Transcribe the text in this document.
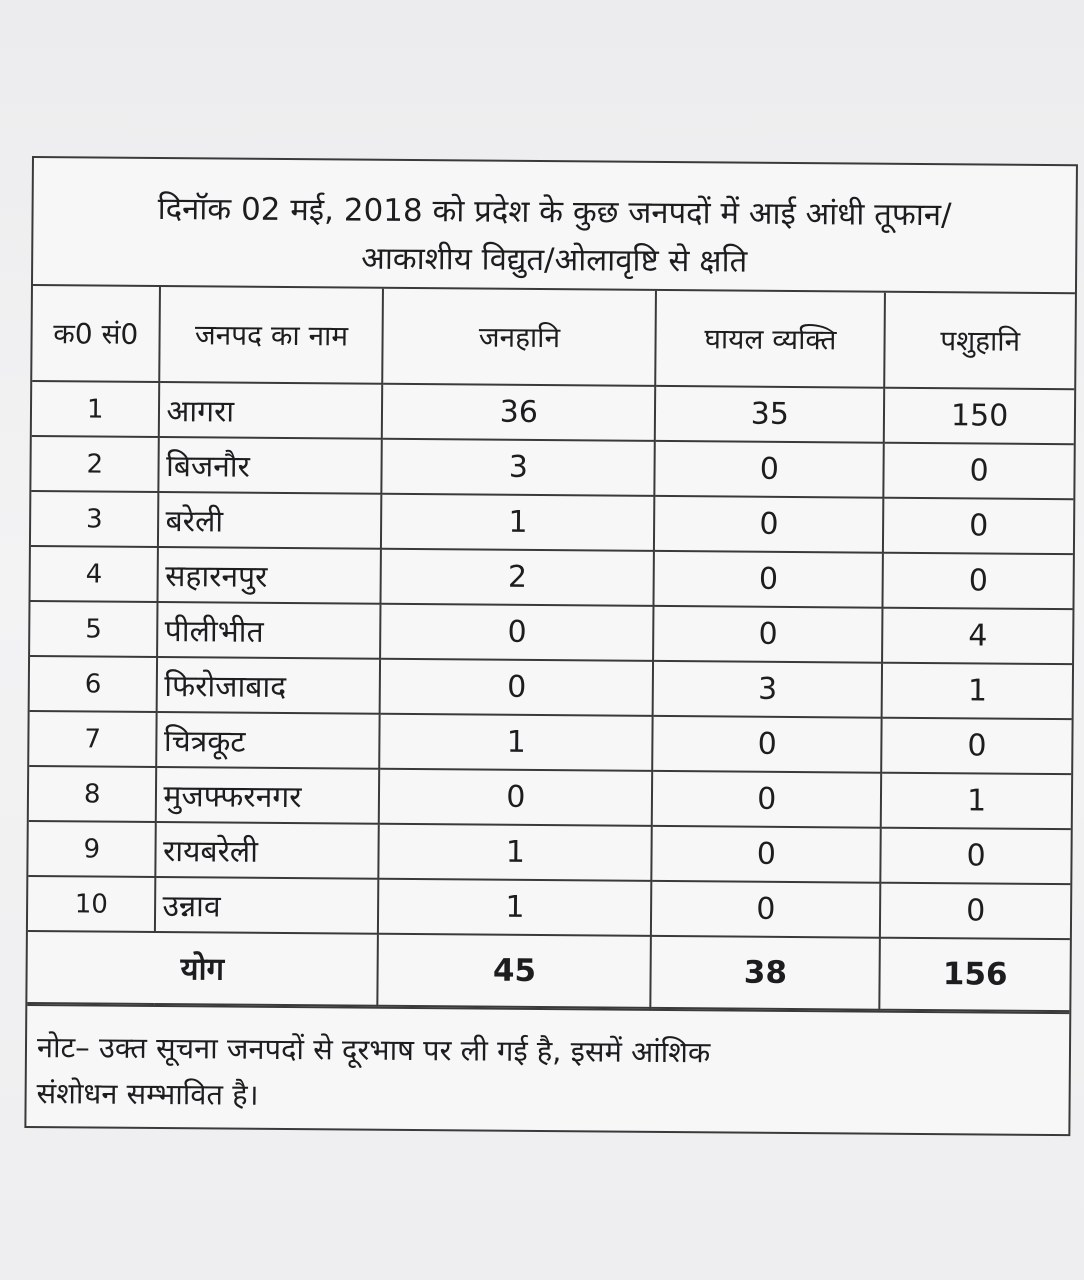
दिनॉक 02 मई, 2018 को प्रदेश के कुछ जनपदों में आई आंधी तूफान/
आकाशीय विद्युत/ओलावृष्टि से क्षति
क0 सं0	जनपद का नाम	जनहानि	घायल व्यक्ति	पशुहानि
1	आगरा	36	35	150
2	बिजनौर	3	0	0
3	बरेली	1	0	0
4	सहारनपुर	2	0	0
5	पीलीभीत	0	0	4
6	फिरोजाबाद	0	3	1
7	चित्रकूट	1	0	0
8	मुजफ्फरनगर	0	0	1
9	रायबरेली	1	0	0
10	उन्नाव	1	0	0
योग		45	38	156
नोट– उक्त सूचना जनपदों से दूरभाष पर ली गई है, इसमें आंशिक
संशोधन सम्भावित है।
